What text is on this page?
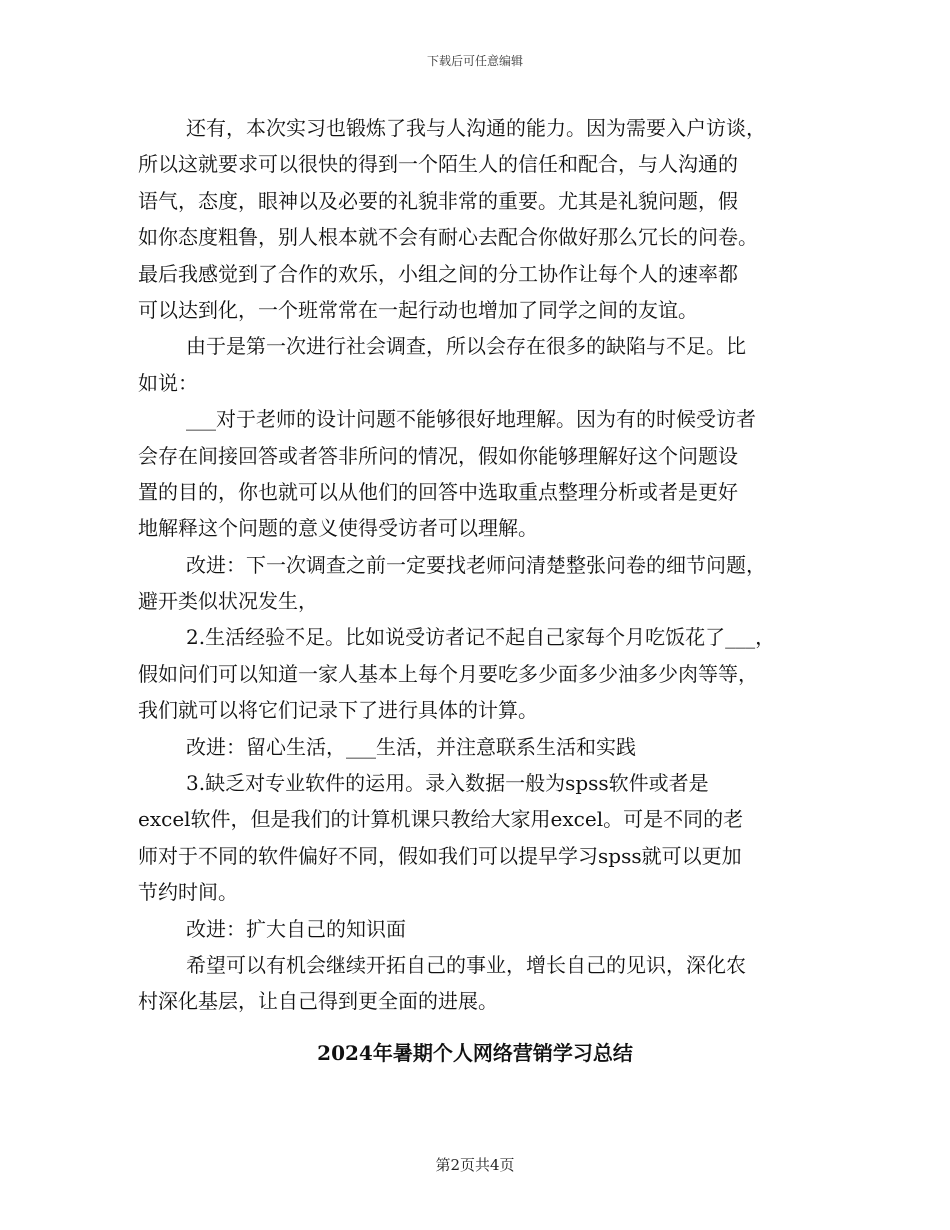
下载后可任意编辑
还有，本次实习也锻炼了我与人沟通的能力。因为需要入户访谈，
所以这就要求可以很快的得到一个陌生人的信任和配合，与人沟通的
语气，态度，眼神以及必要的礼貌非常的重要。尤其是礼貌问题，假
如你态度粗鲁，别人根本就不会有耐心去配合你做好那么冗长的问卷。
最后我感觉到了合作的欢乐，小组之间的分工协作让每个人的速率都
可以达到化，一个班常常在一起行动也增加了同学之间的友谊。
由于是第一次进行社会调查，所以会存在很多的缺陷与不足。比
如说：
___对于老师的设计问题不能够很好地理解。因为有的时候受访者
会存在间接回答或者答非所问的情况，假如你能够理解好这个问题设
置的目的，你也就可以从他们的回答中选取重点整理分析或者是更好
地解释这个问题的意义使得受访者可以理解。
改进：下一次调查之前一定要找老师问清楚整张问卷的细节问题，
避开类似状况发生，
2.生活经验不足。比如说受访者记不起自己家每个月吃饭花了___，
假如问们可以知道一家人基本上每个月要吃多少面多少油多少肉等等，
我们就可以将它们记录下了进行具体的计算。
改进：留心生活，___生活，并注意联系生活和实践
3.缺乏对专业软件的运用。录入数据一般为spss软件或者是
excel软件，但是我们的计算机课只教给大家用excel。可是不同的老
师对于不同的软件偏好不同，假如我们可以提早学习spss就可以更加
节约时间。
改进：扩大自己的知识面
希望可以有机会继续开拓自己的事业，增长自己的见识，深化农
村深化基层，让自己得到更全面的进展。
2024年暑期个人网络营销学习总结
第2页共4页
